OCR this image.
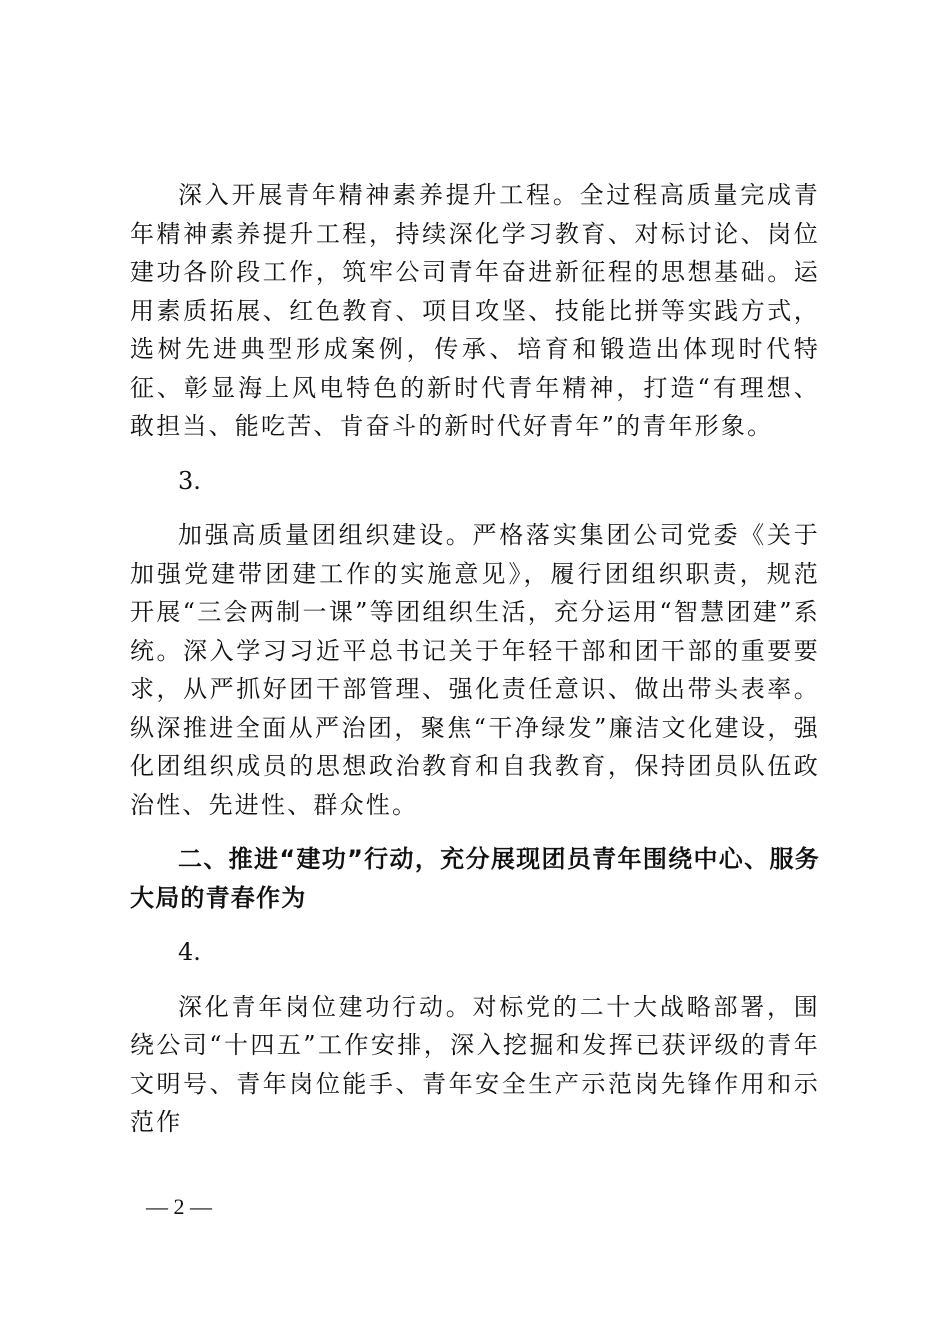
深入开展青年精神素养提升工程。全过程高质量完成青年精神素养提升工程，持续深化学习教育、对标讨论、岗位建功各阶段工作，筑牢公司青年奋进新征程的思想基础。运用素质拓展、红色教育、项目攻坚、技能比拼等实践方式，选树先进典型形成案例，传承、培育和锻造出体现时代特征、彰显海上风电特色的新时代青年精神，打造“有理想、敢担当、能吃苦、肯奋斗的新时代好青年”的青年形象。

3.

加强高质量团组织建设。严格落实集团公司党委《关于加强党建带团建工作的实施意见》，履行团组织职责，规范开展“三会两制一课”等团组织生活，充分运用“智慧团建”系统。深入学习习近平总书记关于年轻干部和团干部的重要要求，从严抓好团干部管理、强化责任意识、做出带头表率。纵深推进全面从严治团，聚焦“干净绿发”廉洁文化建设，强化团组织成员的思想政治教育和自我教育，保持团员队伍政治性、先进性、群众性。

二、推进“建功”行动，充分展现团员青年围绕中心、服务大局的青春作为

4.

深化青年岗位建功行动。对标党的二十大战略部署，围绕公司“十四五”工作安排，深入挖掘和发挥已获评级的青年文明号、青年岗位能手、青年安全生产示范岗先锋作用和示范作

— 2 —
